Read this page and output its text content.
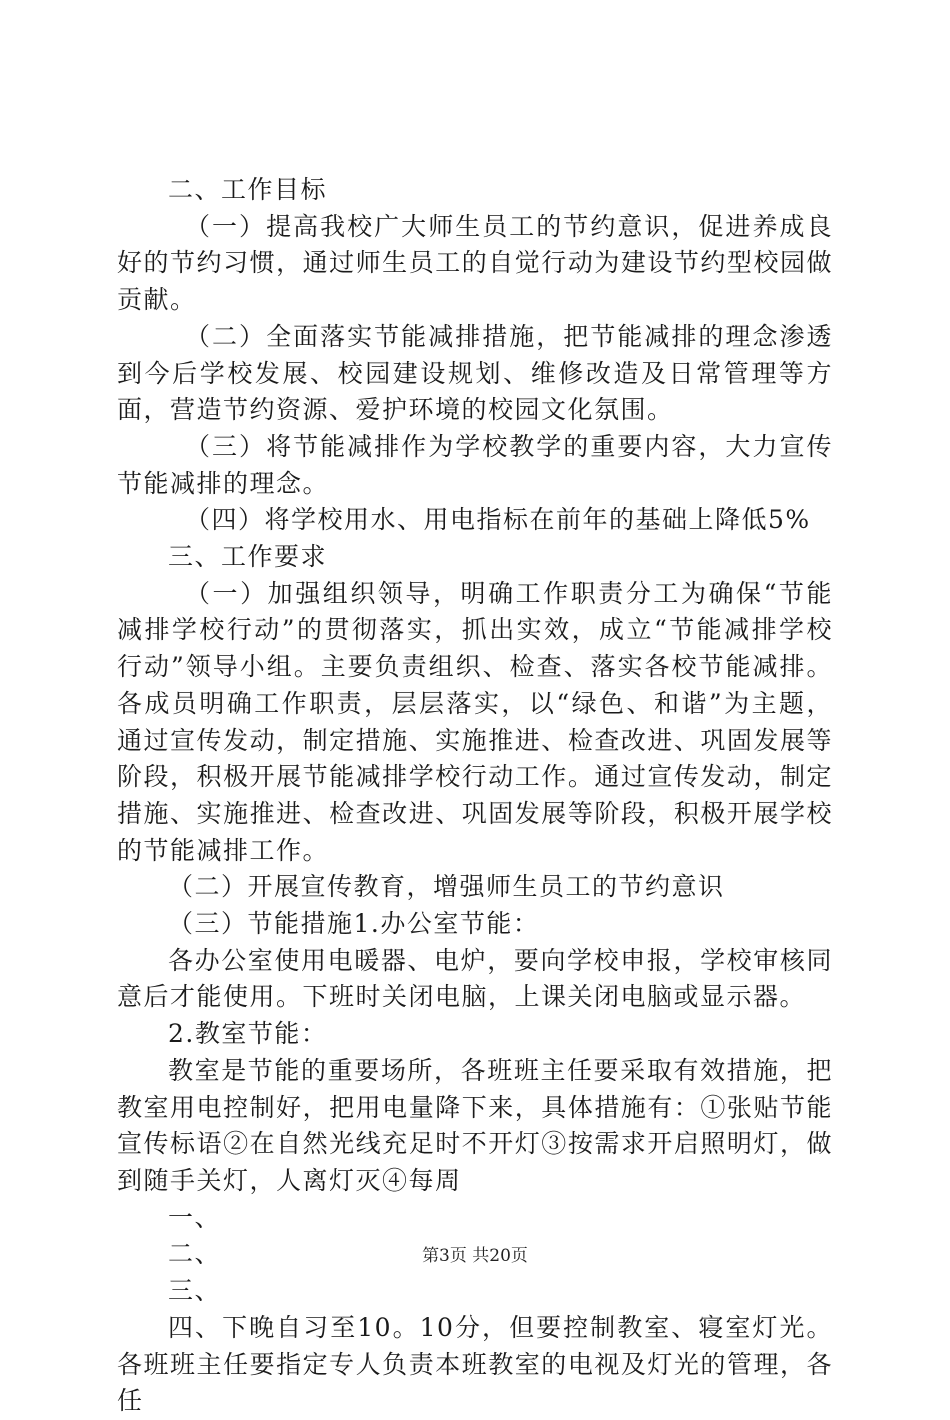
二、工作目标

（一）提高我校广大师生员工的节约意识，促进养成良好的节约习惯，通过师生员工的自觉行动为建设节约型校园做贡献。

（二）全面落实节能减排措施，把节能减排的理念渗透到今后学校发展、校园建设规划、维修改造及日常管理等方面，营造节约资源、爱护环境的校园文化氛围。

（三）将节能减排作为学校教学的重要内容，大力宣传节能减排的理念。

（四）将学校用水、用电指标在前年的基础上降低5%

三、工作要求

（一）加强组织领导，明确工作职责分工为确保“节能减排学校行动”的贯彻落实，抓出实效，成立“节能减排学校行动”领导小组。主要负责组织、检查、落实各校节能减排。各成员明确工作职责，层层落实，以“绿色、和谐”为主题，通过宣传发动，制定措施、实施推进、检查改进、巩固发展等阶段，积极开展节能减排学校行动工作。通过宣传发动，制定措施、实施推进、检查改进、巩固发展等阶段，积极开展学校的节能减排工作。

（二）开展宣传教育，增强师生员工的节约意识

（三）节能措施1.办公室节能：

各办公室使用电暖器、电炉，要向学校申报，学校审核同意后才能使用。下班时关闭电脑，上课关闭电脑或显示器。

2.教室节能：

教室是节能的重要场所，各班班主任要采取有效措施，把教室用电控制好，把用电量降下来，具体措施有：①张贴节能宣传标语②在自然光线充足时不开灯③按需求开启照明灯，做到随手关灯，人离灯灭④每周

一、

二、

三、

四、下晚自习至10。10分，但要控制教室、寝室灯光。各班班主任要指定专人负责本班教室的电视及灯光的管理，各任

第3页 共20页
